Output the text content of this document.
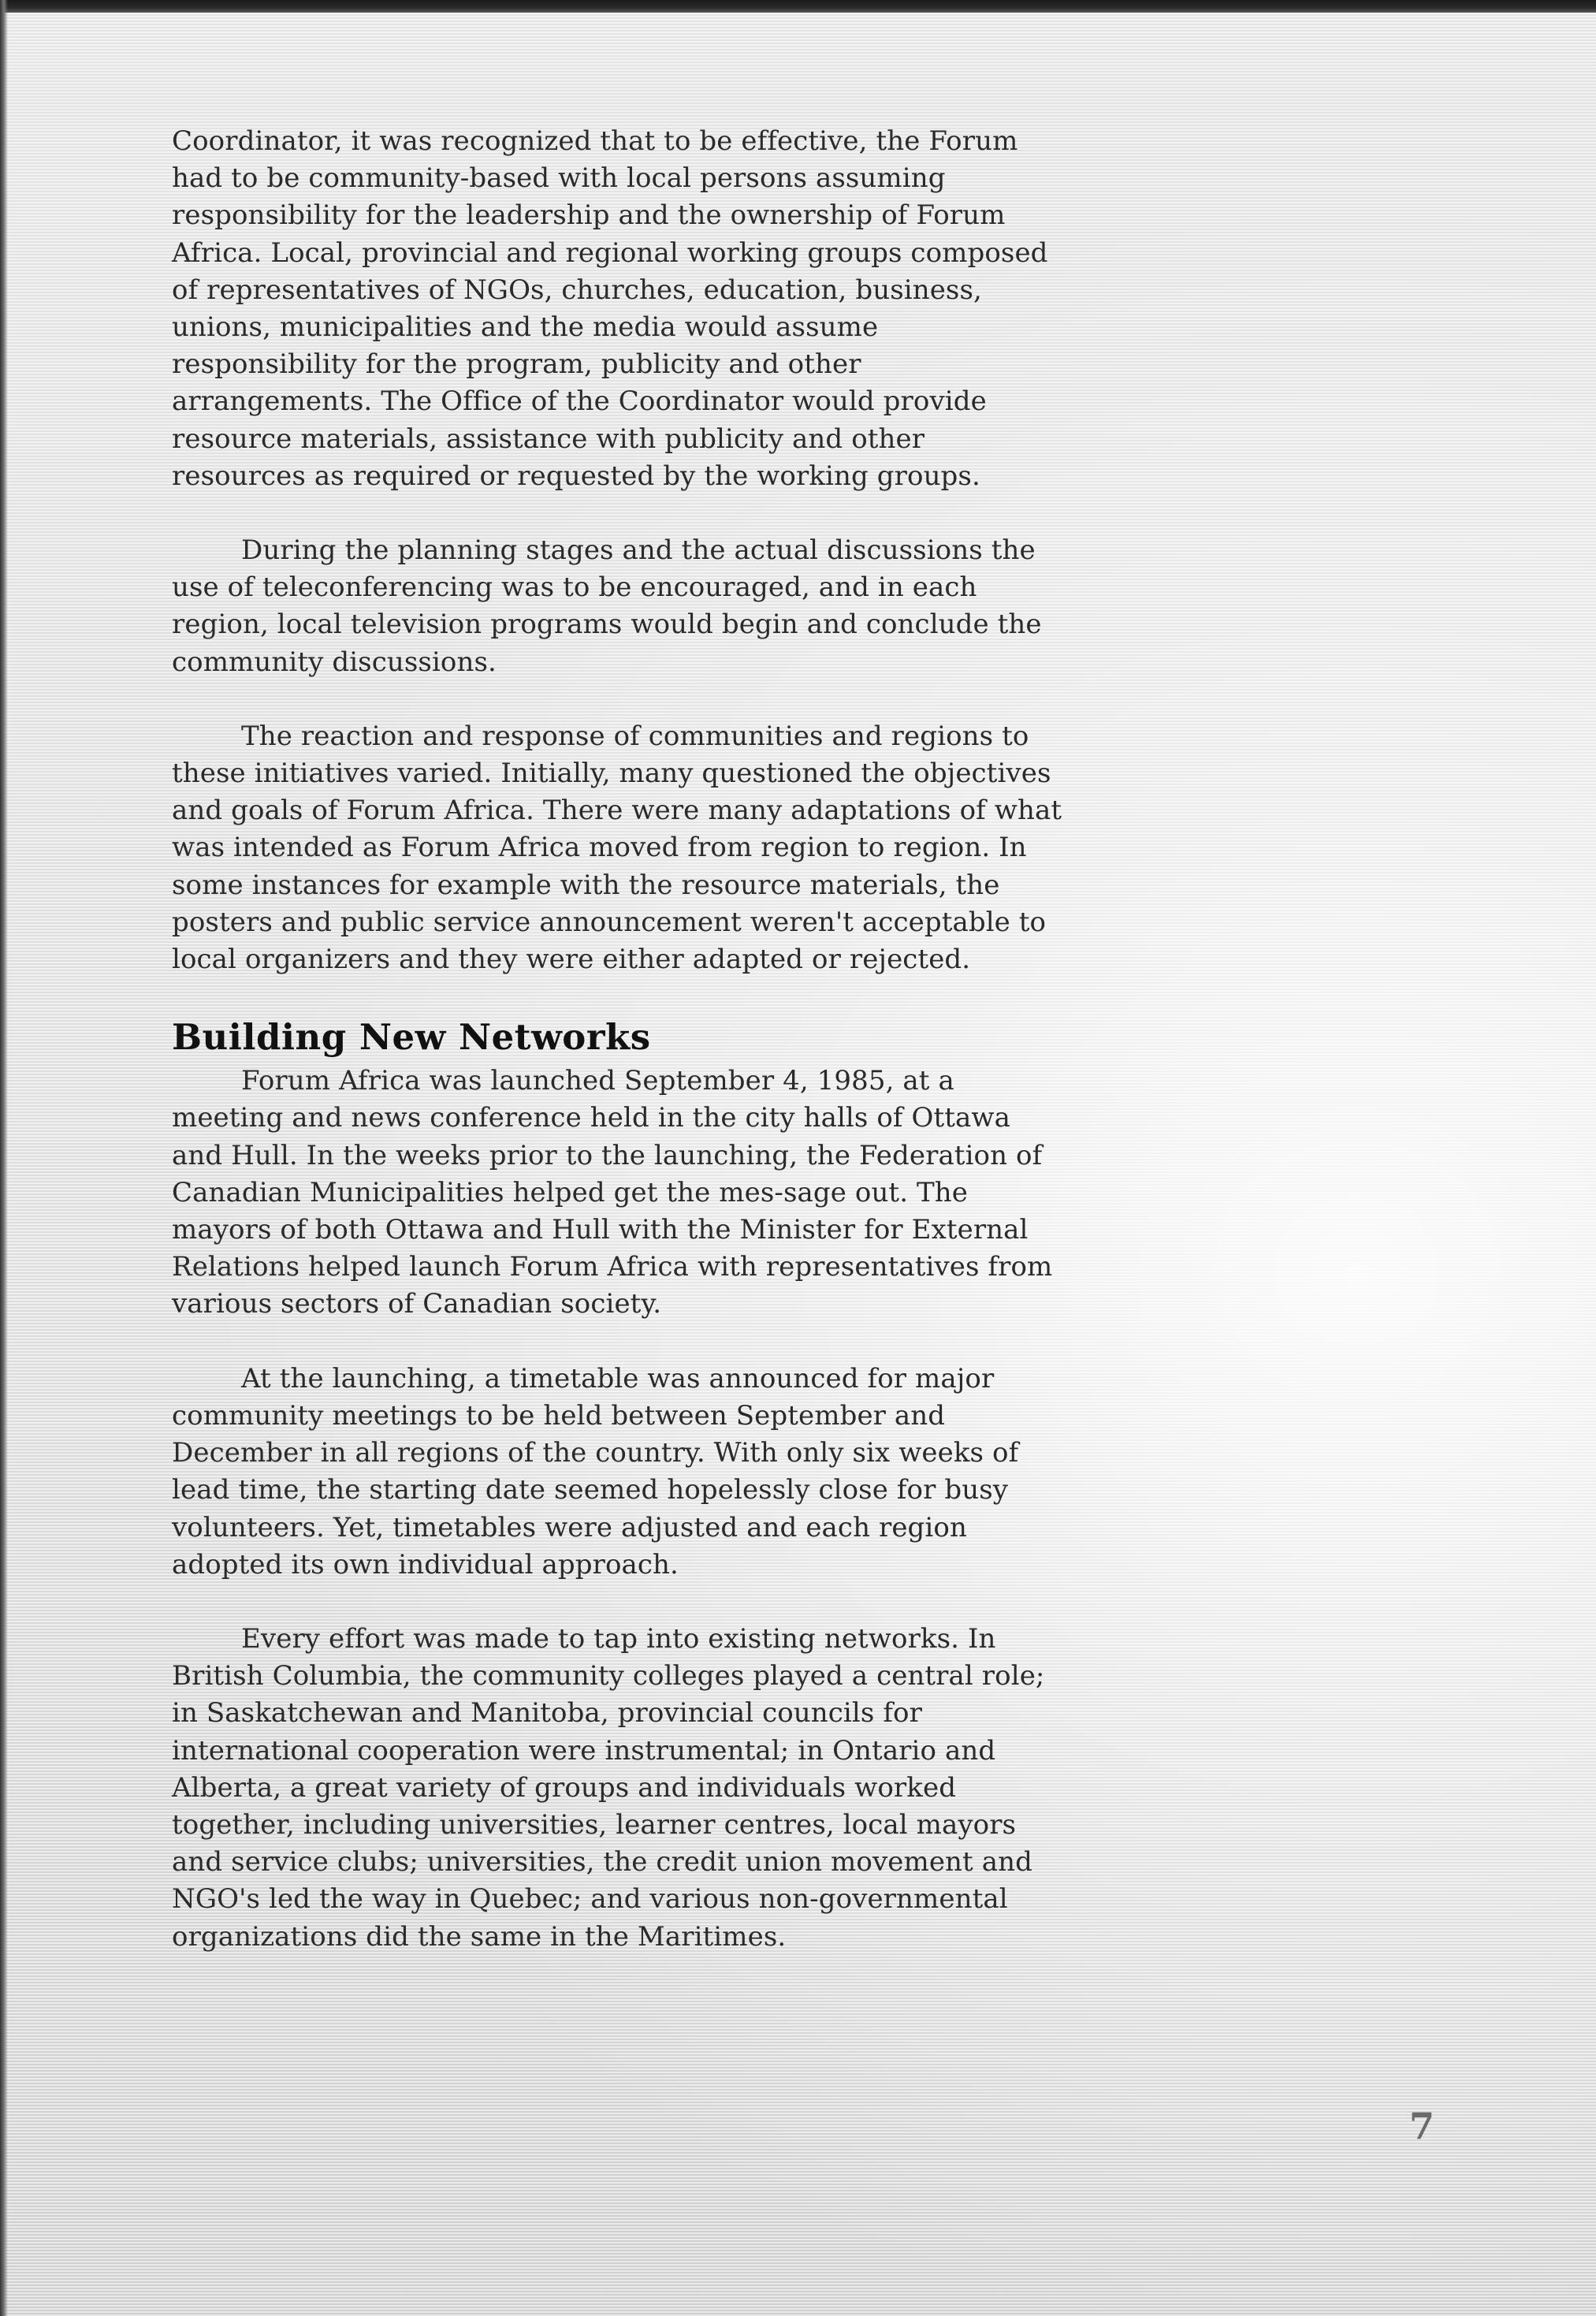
Coordinator, it was recognized that to be effective, the Forum had to be community-based with local persons assuming responsibility for the leadership and the ownership of Forum Africa. Local, provincial and regional working groups composed of representatives of NGOs, churches, education, business, unions, municipalities and the media would assume responsibility for the program, publicity and other arrangements. The Office of the Coordinator would provide resource materials, assistance with publicity and other resources as required or requested by the working groups.

During the planning stages and the actual discussions the use of teleconferencing was to be encouraged, and in each region, local television programs would begin and conclude the community discussions.

The reaction and response of communities and regions to these initiatives varied. Initially, many questioned the objectives and goals of Forum Africa. There were many adaptations of what was intended as Forum Africa moved from region to region. In some instances for example with the resource materials, the posters and public service announcement weren't acceptable to local organizers and they were either adapted or rejected.

Building New Networks

Forum Africa was launched September 4, 1985, at a meeting and news conference held in the city halls of Ottawa and Hull. In the weeks prior to the launching, the Federation of Canadian Municipalities helped get the mes-sage out. The mayors of both Ottawa and Hull with the Minister for External Relations helped launch Forum Africa with representatives from various sectors of Canadian society.

At the launching, a timetable was announced for major community meetings to be held between September and December in all regions of the country. With only six weeks of lead time, the starting date seemed hopelessly close for busy volunteers. Yet, timetables were adjusted and each region adopted its own individual approach.

Every effort was made to tap into existing networks. In British Columbia, the community colleges played a central role; in Saskatchewan and Manitoba, provincial councils for international cooperation were instrumental; in Ontario and Alberta, a great variety of groups and individuals worked together, including universities, learner centres, local mayors and service clubs; universities, the credit union movement and NGO's led the way in Quebec; and various non-governmental organizations did the same in the Maritimes.

7
